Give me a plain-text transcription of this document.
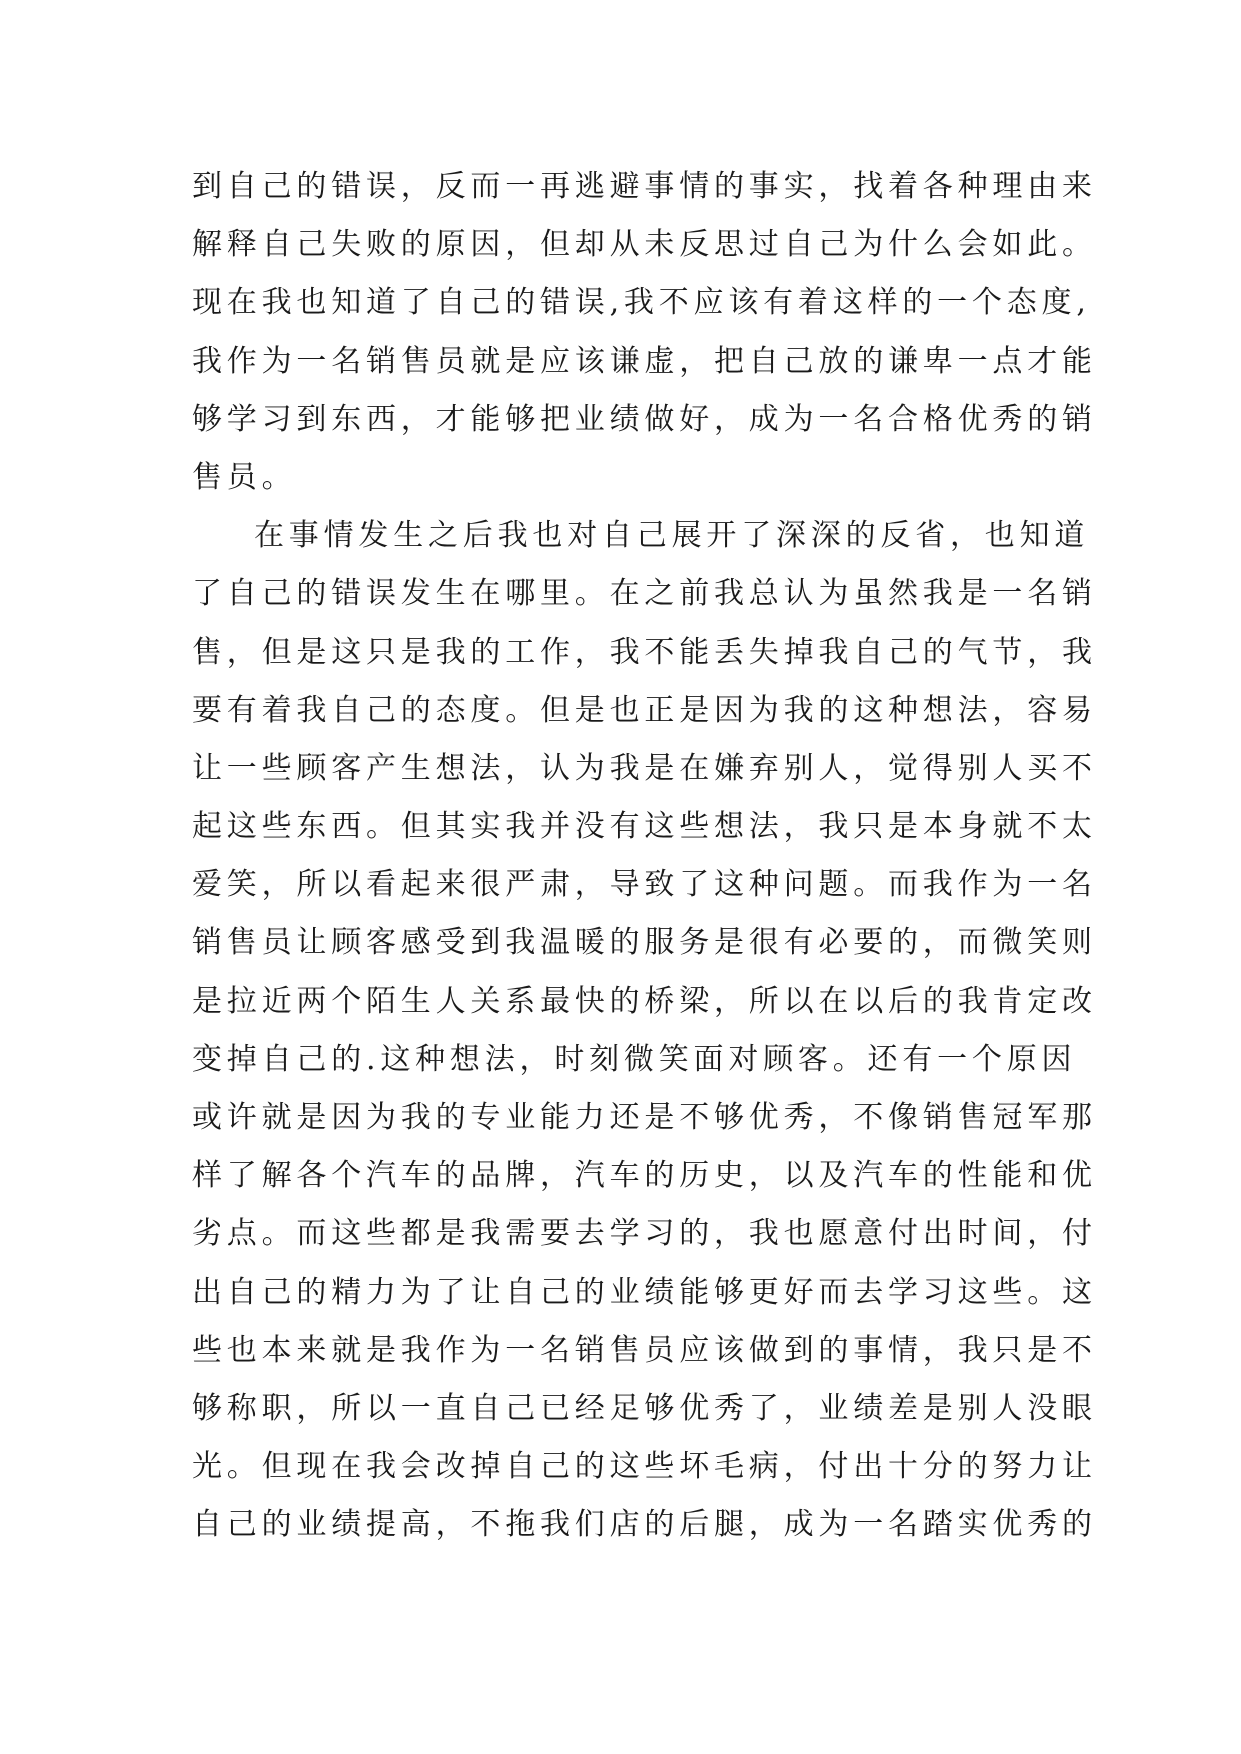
到自己的错误，反而一再逃避事情的事实，找着各种理由来
解释自己失败的原因，但却从未反思过自己为什么会如此。
现在我也知道了自己的错误,我不应该有着这样的一个态度,
我作为一名销售员就是应该谦虚，把自己放的谦卑一点才能
够学习到东西，才能够把业绩做好，成为一名合格优秀的销
售员。
在事情发生之后我也对自己展开了深深的反省，也知道
了自己的错误发生在哪里。在之前我总认为虽然我是一名销
售，但是这只是我的工作，我不能丢失掉我自己的气节，我
要有着我自己的态度。但是也正是因为我的这种想法，容易
让一些顾客产生想法，认为我是在嫌弃别人，觉得别人买不
起这些东西。但其实我并没有这些想法，我只是本身就不太
爱笑，所以看起来很严肃，导致了这种问题。而我作为一名
销售员让顾客感受到我温暖的服务是很有必要的，而微笑则
是拉近两个陌生人关系最快的桥梁，所以在以后的我肯定改
变掉自己的.这种想法，时刻微笑面对顾客。还有一个原因
或许就是因为我的专业能力还是不够优秀，不像销售冠军那
样了解各个汽车的品牌，汽车的历史，以及汽车的性能和优
劣点。而这些都是我需要去学习的，我也愿意付出时间，付
出自己的精力为了让自己的业绩能够更好而去学习这些。这
些也本来就是我作为一名销售员应该做到的事情，我只是不
够称职，所以一直自己已经足够优秀了，业绩差是别人没眼
光。但现在我会改掉自己的这些坏毛病，付出十分的努力让
自己的业绩提高，不拖我们店的后腿，成为一名踏实优秀的
